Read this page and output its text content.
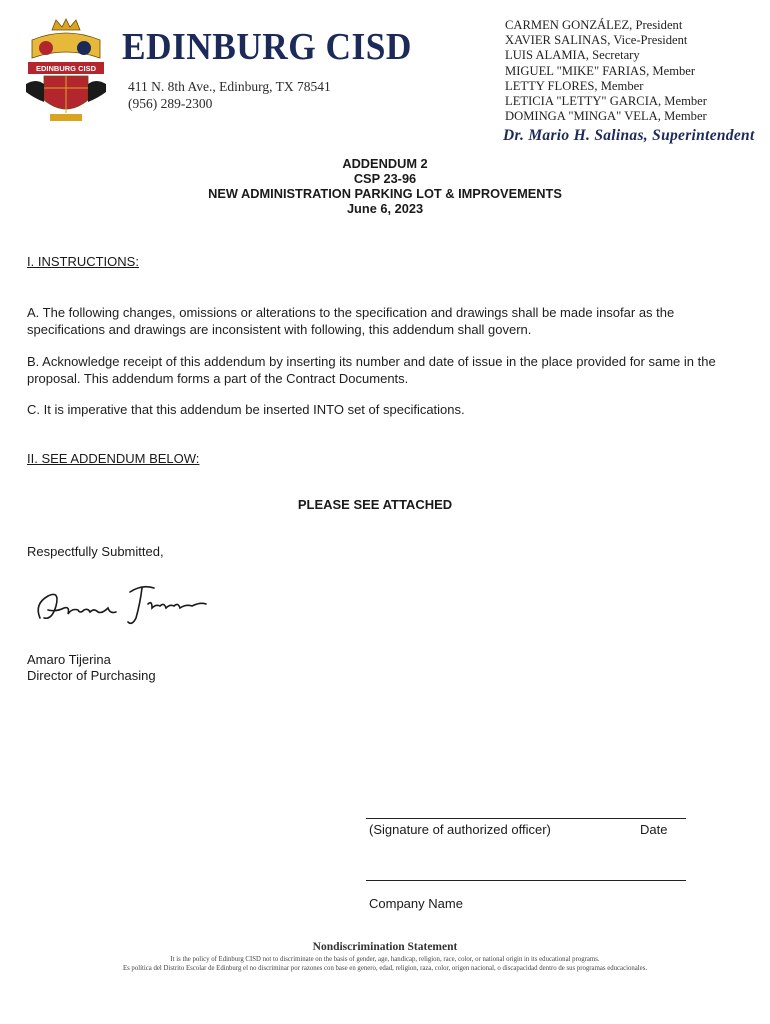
EDINBURG CISD
EDINBURG CISD
411 N. 8th Ave., Edinburg, TX 78541
(956) 289-2300
CARMEN GONZÁLEZ, President
XAVIER SALINAS, Vice-President
LUIS ALAMIA, Secretary
MIGUEL "MIKE" FARIAS, Member
LETTY FLORES, Member
LETICIA "LETTY" GARCIA, Member
DOMINGA "MINGA" VELA, Member
Dr. Mario H. Salinas, Superintendent
ADDENDUM 2
CSP 23-96
NEW ADMINISTRATION PARKING LOT & IMPROVEMENTS
June 6, 2023
I. INSTRUCTIONS:
A. The following changes, omissions or alterations to the specification and drawings shall be made insofar as the specifications and drawings are inconsistent with following, this addendum shall govern.
B. Acknowledge receipt of this addendum by inserting its number and date of issue in the place provided for same in the proposal. This addendum forms a part of the Contract Documents.
C. It is imperative that this addendum be inserted INTO set of specifications.
II. SEE ADDENDUM BELOW:
PLEASE SEE ATTACHED
Respectfully Submitted,
Amaro Tijerina
Director of Purchasing
(Signature of authorized officer)	Date
Company Name
Nondiscrimination Statement
It is the policy of Edinburg CISD not to discriminate on the basis of gender, age, handicap, religion, race, color, or national origin in its educational programs.
Es política del Distrito Escolar de Edinburg el no discriminar por razones con base en genero, edad, religion, raza, color, origen nacional, o discapacidad dentro de sus programas educacionales.
